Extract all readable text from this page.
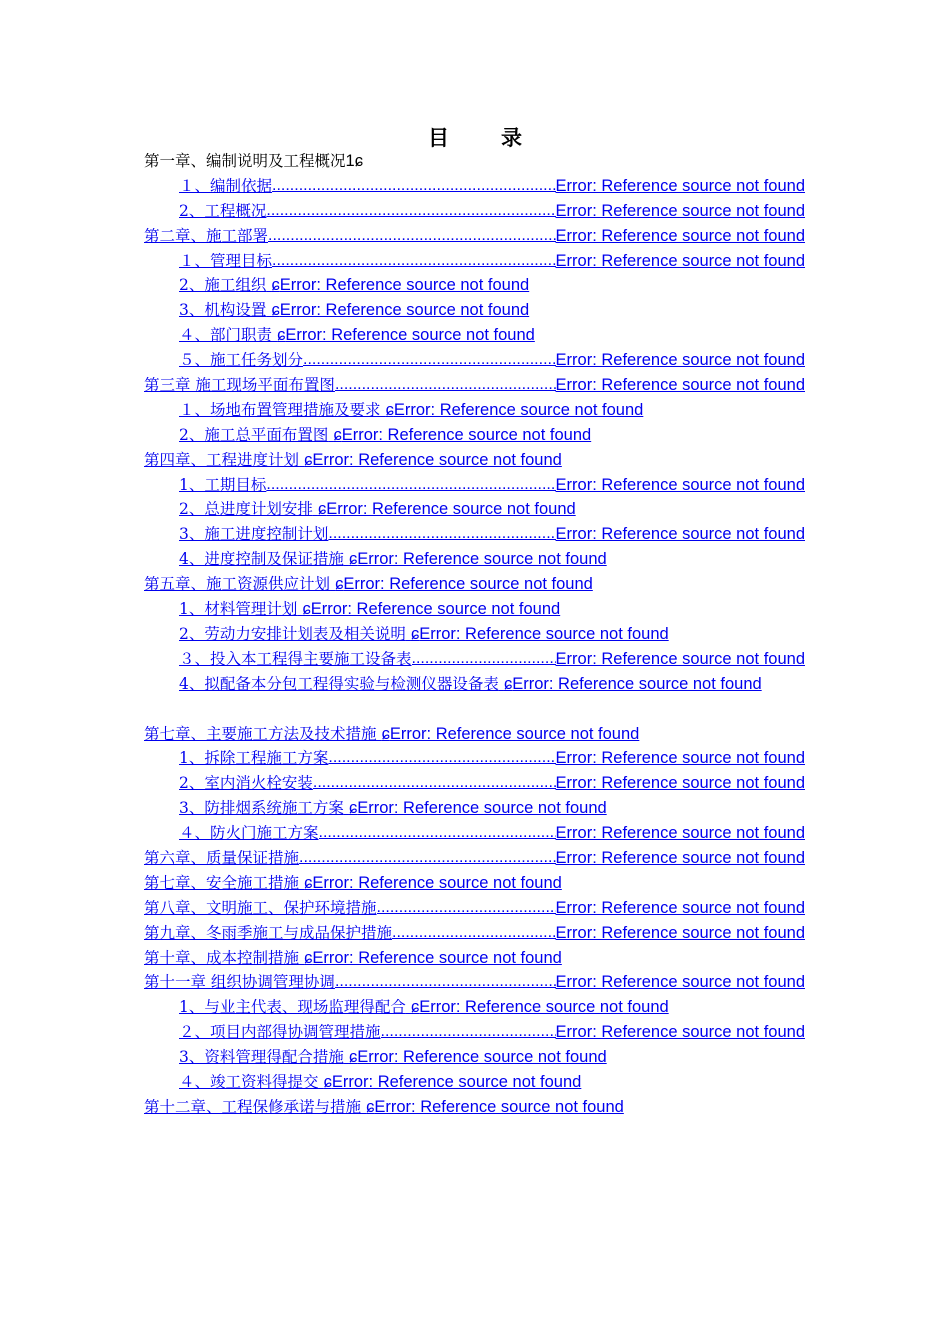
目 录
第一章、编制说明及工程概况1ɕ
１、编制依据 .....	Error: Reference source not found
2、工程概况 .....	Error: Reference source not found
第二章、施工部署 .....	Error: Reference source not found
１、管理目标 .....	Error: Reference source not found
2、施工组织 ɕError: Reference source not found
3、机构设置 ɕError: Reference source not found
４、部门职责 ɕError: Reference source not found
５、施工任务划分 .....	Error: Reference source not found
第三章 施工现场平面布置图 .....	Error: Reference source not found
１、场地布置管理措施及要求 ɕError: Reference source not found
2、施工总平面布置图 ɕError: Reference source not found
第四章、工程进度计划 ɕError: Reference source not found
1、工期目标 .....	Error: Reference source not found
2、总进度计划安排 ɕError: Reference source not found
3、施工进度控制计划 .....	Error: Reference source not found
4、进度控制及保证措施 ɕError: Reference source not found
第五章、施工资源供应计划 ɕError: Reference source not found
1、材料管理计划 ɕError: Reference source not found
2、劳动力安排计划表及相关说明 ɕError: Reference source not found
３、投入本工程得主要施工设备表 .....	Error: Reference source not found
4、拟配备本分包工程得实验与检测仪器设备表 ɕError: Reference source not found
第七章、主要施工方法及技术措施 ɕError: Reference source not found
1、拆除工程施工方案 .....	Error: Reference source not found
2、室内消火栓安装 .....	Error: Reference source not found
3、防排烟系统施工方案 ɕError: Reference source not found
４、防火门施工方案 .....	Error: Reference source not found
第六章、质量保证措施 .....	Error: Reference source not found
第七章、安全施工措施 ɕError: Reference source not found
第八章、文明施工、保护环境措施 .....	Error: Reference source not found
第九章、冬雨季施工与成品保护措施 .....	Error: Reference source not found
第十章、成本控制措施 ɕError: Reference source not found
第十一章 组织协调管理协调 .....	Error: Reference source not found
1、与业主代表、现场监理得配合 ɕError: Reference source not found
２、项目内部得协调管理措施 .....	Error: Reference source not found
3、资料管理得配合措施 ɕError: Reference source not found
４、竣工资料得提交 ɕError: Reference source not found
第十二章、工程保修承诺与措施 ɕError: Reference source not found
